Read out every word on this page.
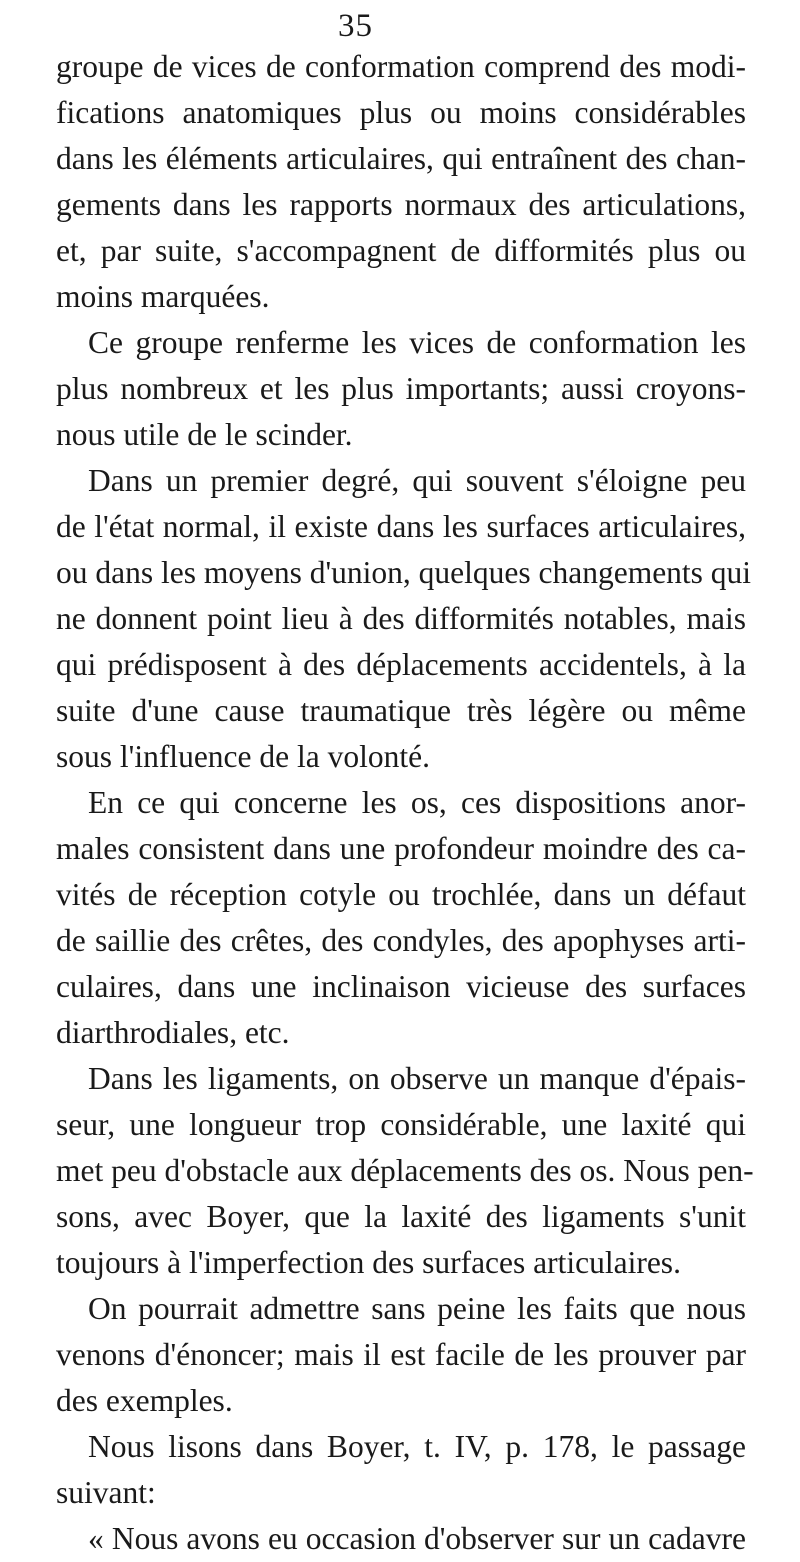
35
groupe de vices de conformation comprend des modi-
fications anatomiques plus ou moins considérables
dans les éléments articulaires, qui entraînent des chan-
gements dans les rapports normaux des articulations,
et, par suite, s'accompagnent de difformités plus ou
moins marquées.
Ce groupe renferme les vices de conformation les
plus nombreux et les plus importants; aussi croyons-
nous utile de le scinder.
Dans un premier degré, qui souvent s'éloigne peu
de l'état normal, il existe dans les surfaces articulaires,
ou dans les moyens d'union, quelques changements qui
ne donnent point lieu à des difformités notables, mais
qui prédisposent à des déplacements accidentels, à la
suite d'une cause traumatique très légère ou même
sous l'influence de la volonté.
En ce qui concerne les os, ces dispositions anor-
males consistent dans une profondeur moindre des ca-
vités de réception cotyle ou trochlée, dans un défaut
de saillie des crêtes, des condyles, des apophyses arti-
culaires, dans une inclinaison vicieuse des surfaces
diarthrodiales, etc.
Dans les ligaments, on observe un manque d'épais-
seur, une longueur trop considérable, une laxité qui
met peu d'obstacle aux déplacements des os. Nous pen-
sons, avec Boyer, que la laxité des ligaments s'unit
toujours à l'imperfection des surfaces articulaires.
On pourrait admettre sans peine les faits que nous
venons d'énoncer; mais il est facile de les prouver par
des exemples.
Nous lisons dans Boyer, t. IV, p. 178, le passage
suivant:
« Nous avons eu occasion d'observer sur un cadavre
